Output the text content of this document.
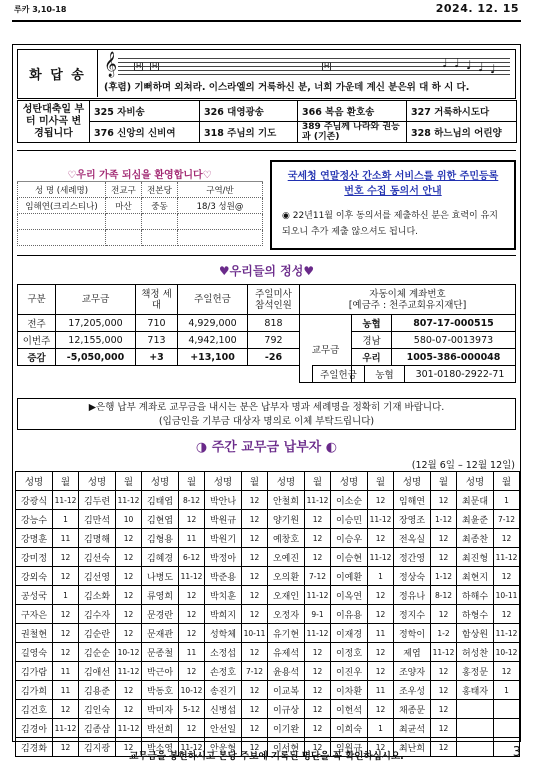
루카 3,10-18	2024. 12. 15
화 답 송 𝄞	H H	H	♩ ♩ ♩ ♩ ♩
(후렴) 기뻐하며 외쳐라. 이스라엘의 거룩하신 분, 너희 가운데 계신 분은위 대 하 시 다.
성탄대축일 부터 미사곡 변경됩니다	325 자비송	326 대영광송	366 복음 환호송	327 거룩하시도다
	376 신앙의 신비여	318 주님의 기도	389 주님께 나라와 권능과 (기존)	328 하느님의 어린양
♡우리 가족 되심을 환영합니다♡
성 명 (세례명)	전교구	전본당	구역/반
임해연(크리스티나)	마산	중동	18/3 성원@

국세청 연말정산 간소화 서비스를 위한 주민등록번호 수집 동의서 안내
◉ 22년11월 이후 동의서를 제출하신 분은 효력이 유지되오니 추가 제출 않으셔도 됩니다.
♥우리들의 정성♥
구분	교무금	책정 세대	주일헌금	주일미사 참석인원	자동이체 계좌번호
[예금주 : 천주교회유지재단]		
전주	17,205,000	710	4,929,000	818	교무금	농협	807-17-000515
이번주	12,155,000	713	4,942,100	792		경남	580-07-0013973
증감	-5,050,000	+3	+13,100	-26		우리	1005-386-000048

주일헌금	농협	301-0180-2922-71
▶은행 납부 계좌로 교무금을 내시는 분은 납부자 명과 세례명을 정확히 기재 바랍니다.
(입금인을 기부금 대상자 명의로 이체 부탁드립니다)
◑ 주간 교무금 납부자 ◐
(12월 6일 – 12월 12일)
성명	월	성명	월	성명	월	성명	월	성명	월	성명	월	성명	월	성명	월
강광식	11-12	김두련	11-12	김태엽	8-12	박안나	12	안철희	11-12	이소순	12	임해연	12	최문대	1
강능수	1	김만석	10	김현엽	12	박원규	12	양기원	12	이승민	11-12	장영조	1-12	최윤준	7-12
강명훈	11	김명해	12	김형용	11	박원기	12	예창호	12	이승우	12	전옥실	12	최종찬	12
강미정	12	김선숙	12	김혜경	6-12	박정아	12	오예진	12	이승현	11-12	정간영	12	최진형	11-12
강외숙	12	김선영	12	나병도	11-12	박준용	12	오의환	7-12	이예환	1	정상숙	1-12	최현지	12
공성국	1	김소화	12	류영희	12	박치훈	12	오재인	11-12	이옥연	12	정유나	8-12	하해수	10-11
구자은	12	김수자	12	문경란	12	박희지	12	오정자	9-1	이유용	12	정지수	12	하형수	12
권철현	12	김순란	12	문재관	12	성학체	10-11	유기현	11-12	이재경	11	정학이	1-2	함상원	11-12
길영숙	12	김순순	10-12	문종철	11	소정섭	12	유제석	12	이정호	12	제엽	11-12	허성찬	10-12
김가람	11	김애선	11-12	박근아	12	손정호	7-12	윤용석	12	이진우	12	조양자	12	홍정문	12
김가희	11	김용준	12	박동호	10-12	송진기	12	이교복	12	이차환	11	조우성	12	홍태자	1
김건호	12	김인숙	12	박미자	5-12	신병섭	12	이규상	12	이헌석	12	채종문	12		
김경아	11-12	김종삼	11-12	박선희	12	안선일	12	이기완	12	이희숙	1	최균석	12		
김경화	12	김지광	12	박소영	11-12	안운형	12	이서현	12	임원규	12	최난희	12		
교무금을 봉헌하시고 본당 주보에 기록된 명단을 꼭 확인하십시오.	3
